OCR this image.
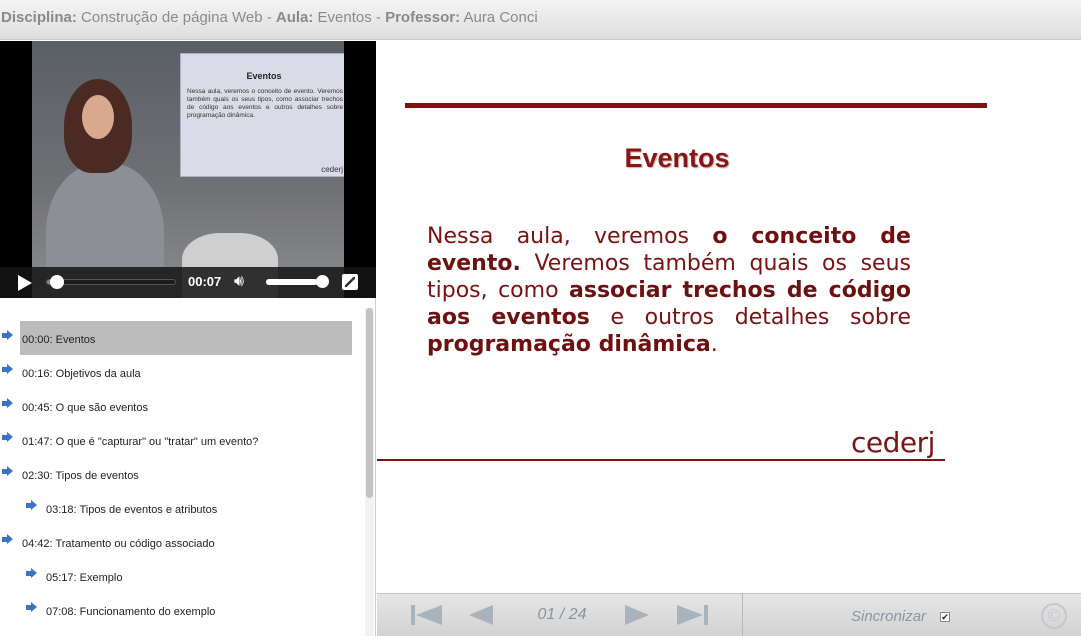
Disciplina: Construção de página Web - Aula: Eventos - Professor: Aura Conci
Eventos
Nessa aula, veremos o conceito de evento. Veremos também quais os seus tipos, como associar trechos de código aos eventos e outros detalhes sobre programação dinâmica.
cederj
00:07 🔊︎
00:00: Eventos
00:16: Objetivos da aula
00:45: O que são eventos
01:47: O que é "capturar" ou "tratar" um evento?
02:30: Tipos de eventos
03:18: Tipos de eventos e atributos
04:42: Tratamento ou código associado
05:17: Exemplo
07:08: Funcionamento do exemplo
Eventos
Nessa aula, veremos o conceito de evento. Veremos também quais os seus tipos, como associar trechos de código aos eventos e outros detalhes sobre programação dinâmica.
cederj
01 / 24	Sincronizar ✔	©
